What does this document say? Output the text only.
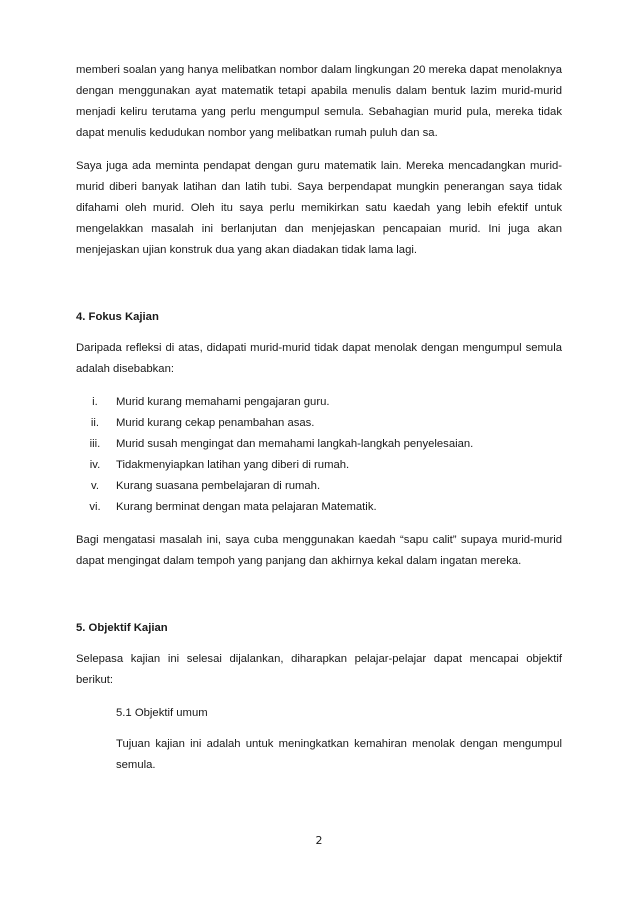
memberi soalan yang hanya melibatkan nombor dalam lingkungan 20 mereka dapat menolaknya dengan menggunakan ayat matematik tetapi apabila menulis dalam bentuk lazim murid-murid menjadi keliru terutama yang perlu mengumpul semula. Sebahagian murid pula, mereka tidak dapat menulis kedudukan nombor yang melibatkan rumah puluh dan sa.

Saya juga ada meminta pendapat dengan guru matematik lain. Mereka mencadangkan murid-murid diberi banyak latihan dan latih tubi. Saya berpendapat mungkin penerangan saya tidak difahami oleh murid. Oleh itu saya perlu memikirkan satu kaedah yang lebih efektif untuk mengelakkan masalah ini berlanjutan dan menjejaskan pencapaian murid. Ini juga akan menjejaskan ujian konstruk dua yang akan diadakan tidak lama lagi.

4. Fokus Kajian

Daripada refleksi di atas, didapati murid-murid tidak dapat menolak dengan mengumpul semula adalah disebabkan:

i.	Murid kurang memahami pengajaran guru.
ii.	Murid kurang cekap penambahan asas.
iii.	Murid susah mengingat dan memahami langkah-langkah penyelesaian.
iv.	Tidakmenyiapkan latihan yang diberi di rumah.
v.	Kurang suasana pembelajaran di rumah.
vi.	Kurang berminat dengan mata pelajaran Matematik.

Bagi mengatasi masalah ini, saya cuba menggunakan kaedah “sapu calit” supaya murid-murid dapat mengingat dalam tempoh yang panjang dan akhirnya kekal dalam ingatan mereka.

5. Objektif Kajian

Selepasa kajian ini selesai dijalankan, diharapkan pelajar-pelajar dapat mencapai objektif berikut:

5.1 Objektif umum

Tujuan kajian ini adalah untuk meningkatkan kemahiran menolak dengan mengumpul semula.

2
